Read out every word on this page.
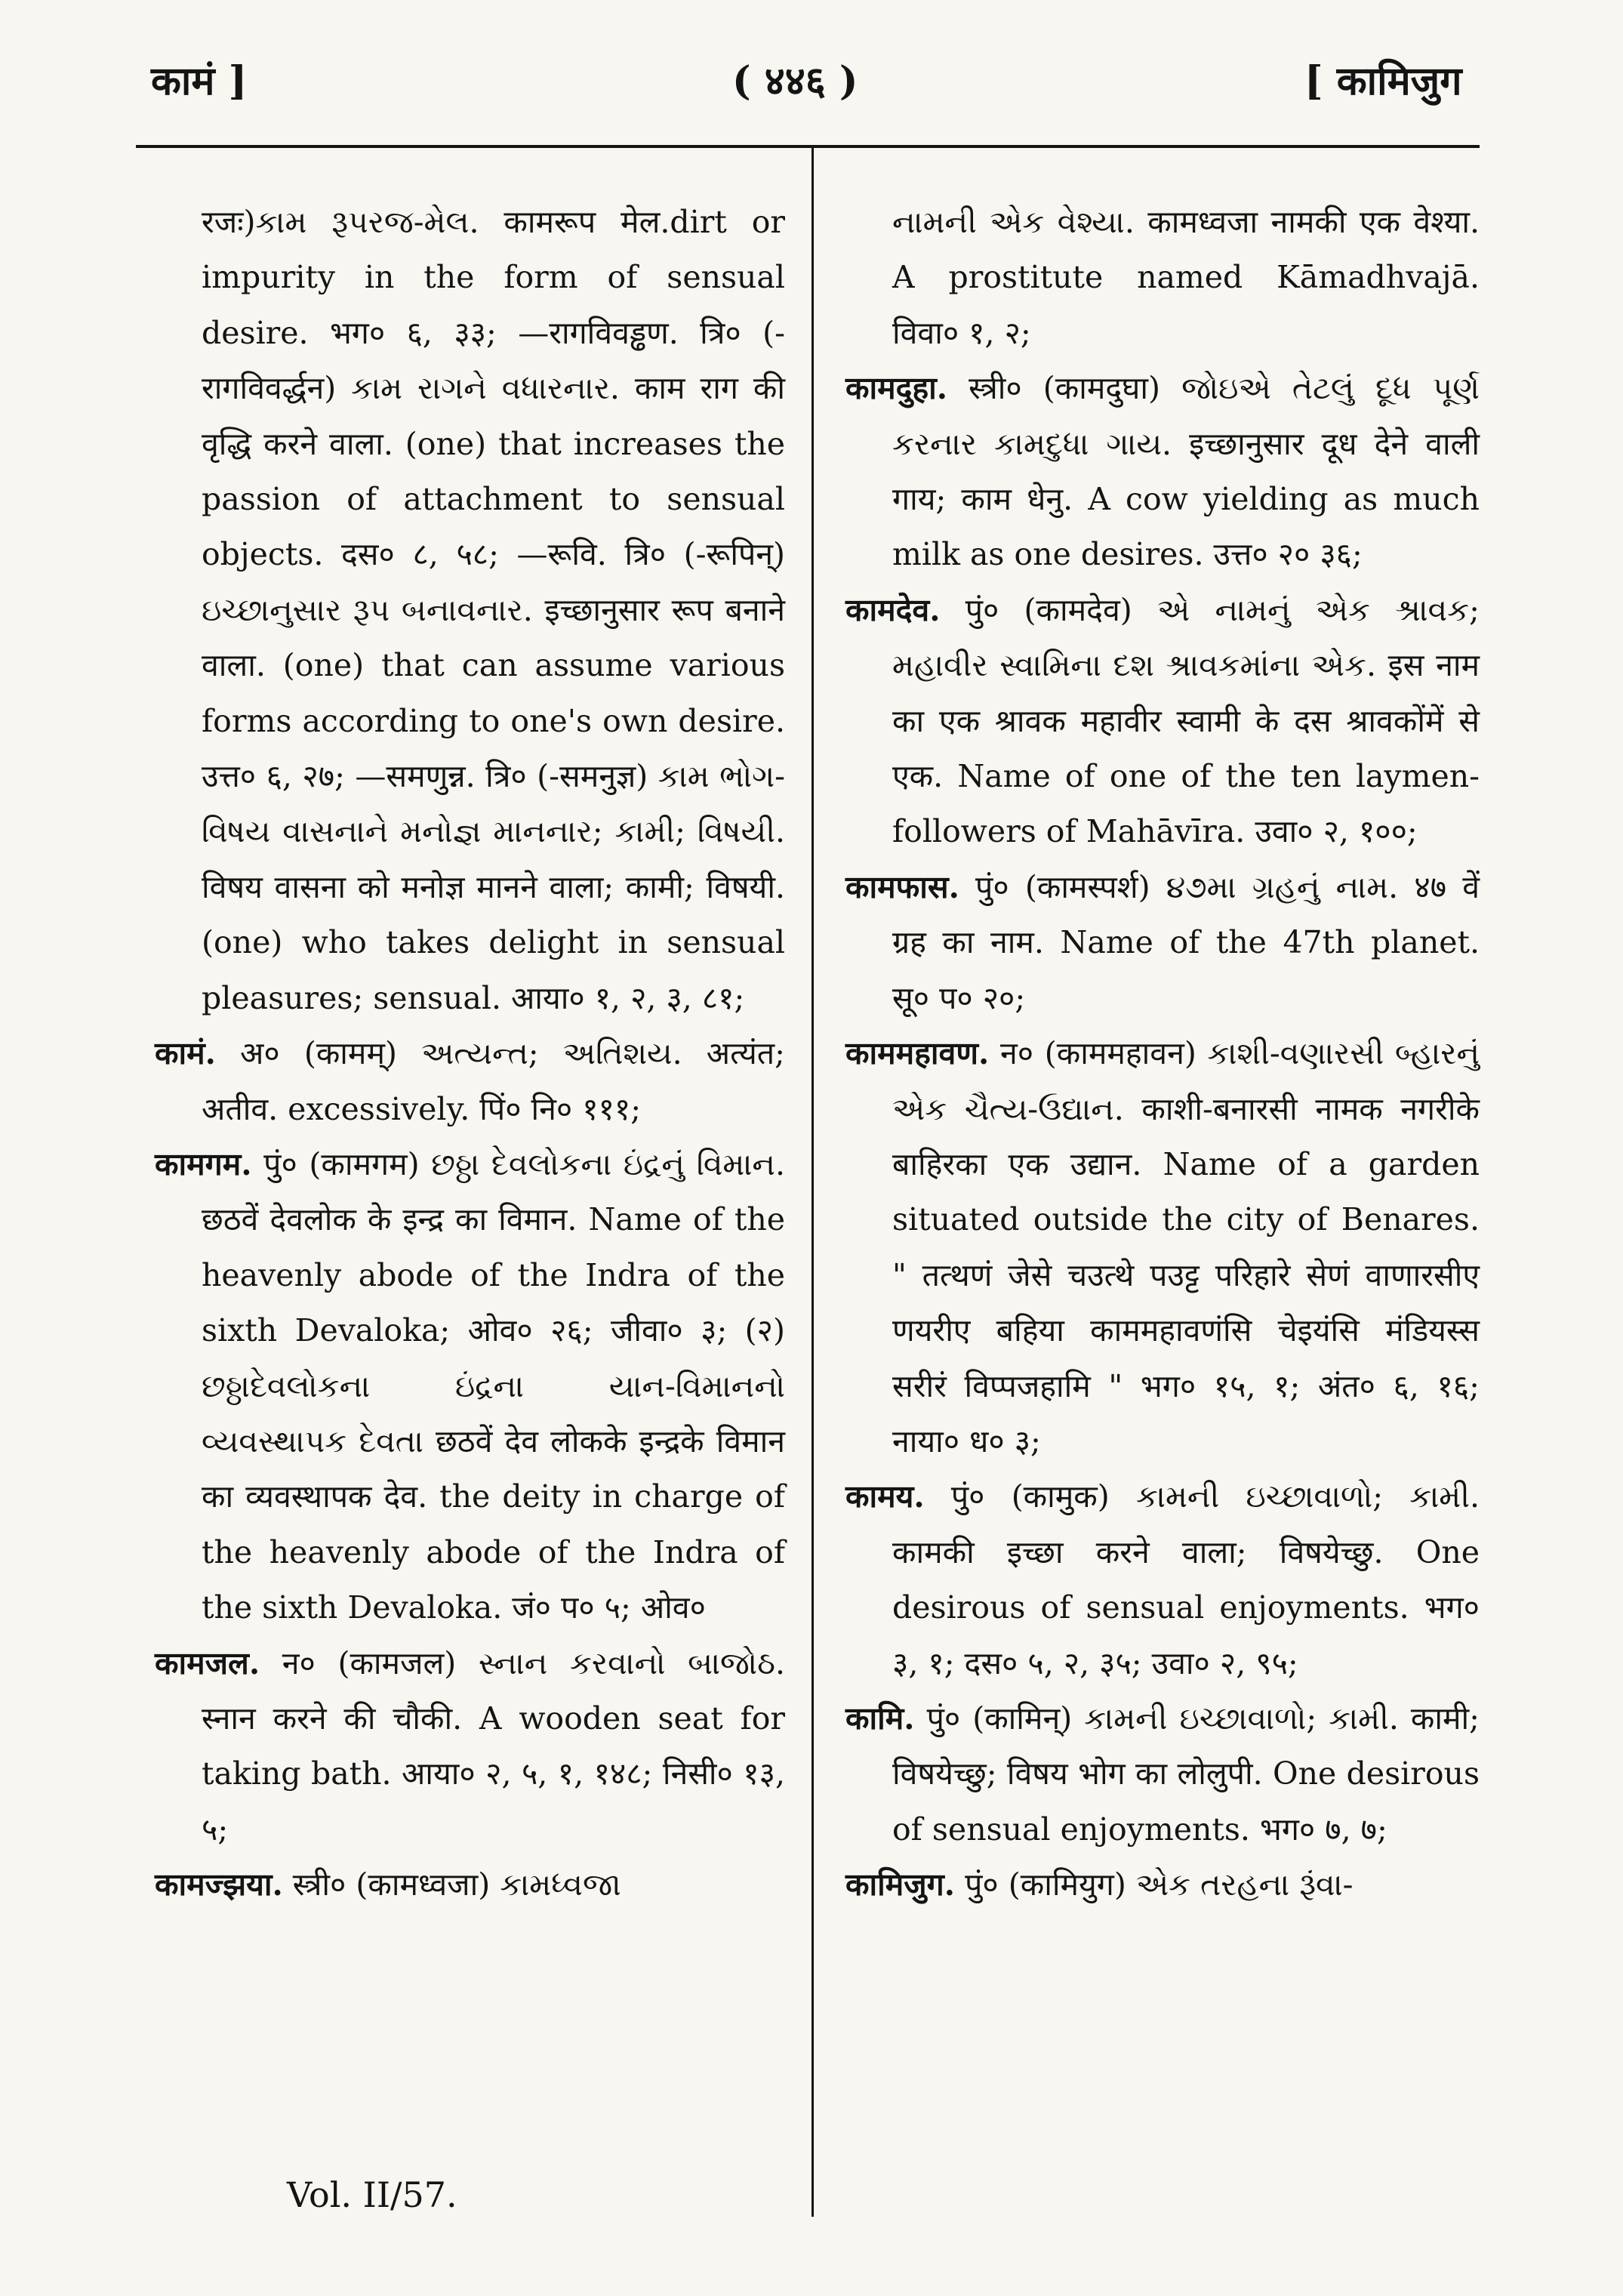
कामं ]	( ४४६ )	[ कामिजुग
रजः)કામ રૂપરજ-મેલ. कामरूप मेल.dirt or impurity in the form of sensual desire. भग० ६, ३३; —रागविवड्ढण. त्रि० (-रागविवर्द्धन) કામ રાગને વધારનાર. काम राग की वृद्धि करने वाला. (one) that increases the passion of attachment to sensual objects. दस० ८, ५८; —रूवि. त्रि० (-रूपिन्) ઇચ્છાનુસાર રૂપ બનાવનાર. इच्छानुसार रूप बनाने वाला. (one) that can assume various forms according to one's own desire. उत्त० ६, २७; —समणुन्न. त्रि० (-समनुज्ञ) કામ ભોગ-વિષય વાસનાને મનોજ્ઞ માનનાર; કામી; વિષયી. विषय वासना को मनोज्ञ मानने वाला; कामी; विषयी. (one) who takes delight in sensual pleasures; sensual. आया० १, २, ३, ८१;
कामं. अ० (कामम्) અત્યન્ત; અતિશય. अत्यंत; अतीव. excessively. पिं० नि० १११;
कामगम. पुं० (कामगम) છઠ્ઠા દેવલોકના ઇંદ્રનું વિમાન. छठवें देवलोक के इन्द्र का विमान. Name of the heavenly abode of the Indra of the sixth Devaloka; ओव० २६; जीवा० ३; (२) છઠ્ઠાદેવલોકના ઇંદ્રના યાન-વિમાનનો વ્યવસ્થાપક દેવતા छठवें देव लोकके इन्द्रके विमान का व्यवस्थापक देव. the deity in charge of the heavenly abode of the Indra of the sixth Devaloka. जं० प० ५; ओव०
कामजल. न० (कामजल) સ્નાન કરવાનો બાજોઠ. स्नान करने की चौकी. A wooden seat for taking bath. आया० २, ५, १, १४८; निसी० १३, ५;
कामज्झया. स्त्री० (कामध्वजा) કામધ્વજા
નામની એક વેશ્યા. कामध्वजा नामकी एक वेश्या. A prostitute named Kāmadhvajā. विवा० १, २;
कामदुहा. स्त्री० (कामदुघा) જોઇએ તેટલું દૂધ પૂર્ણ કરનાર કામદુધા ગાય. इच्छानुसार दूध देने वाली गाय; काम धेनु. A cow yielding as much milk as one desires. उत्त० २० ३६;
कामदेव. पुं० (कामदेव) એ નામનું એક શ્રાવક; મહાવીર સ્વામિના દશ શ્રાવકમાંના એક. इस नाम का एक श्रावक महावीर स्वामी के दस श्रावकोंमें से एक. Name of one of the ten laymen-followers of Mahāvīra. उवा० २, १००;
कामफास. पुं० (कामस्पर्श) ૪૭મા ગ્રહનું નામ. ४७ वें ग्रह का नाम. Name of the 47th planet. सू० प० २०;
काममहावण. न० (काममहावन) કાશી-વણારસી બ્હારનું એક ચૈત્ય-ઉદ્યાન. काशी-बनारसी नामक नगरीके बाहिरका एक उद्यान. Name of a garden situated outside the city of Benares. " तत्थणं जेसे चउत्थे पउट्ट परिहारे सेणं वाणारसीए णयरीए बहिया काममहावणंसि चेइयंसि मंडियस्स सरीरं विप्पजहामि " भग० १५, १; अंत० ६, १६; नाया० ध० ३;
कामय. पुं० (कामुक) કામની ઇચ્છાવાળો; કામી. कामकी इच्छा करने वाला; विषयेच्छु. One desirous of sensual enjoyments. भग० ३, १; दस० ५, २, ३५; उवा० २, ९५;
कामि. पुं० (कामिन्) કામની ઇચ્છાવાળો; કામી. कामी; विषयेच्छु; विषय भोग का लोलुपी. One desirous of sensual enjoyments. भग० ७, ७;
कामिजुग. पुं० (कामियुग) એક તરહના રૂંવા-
Vol. II/57.
